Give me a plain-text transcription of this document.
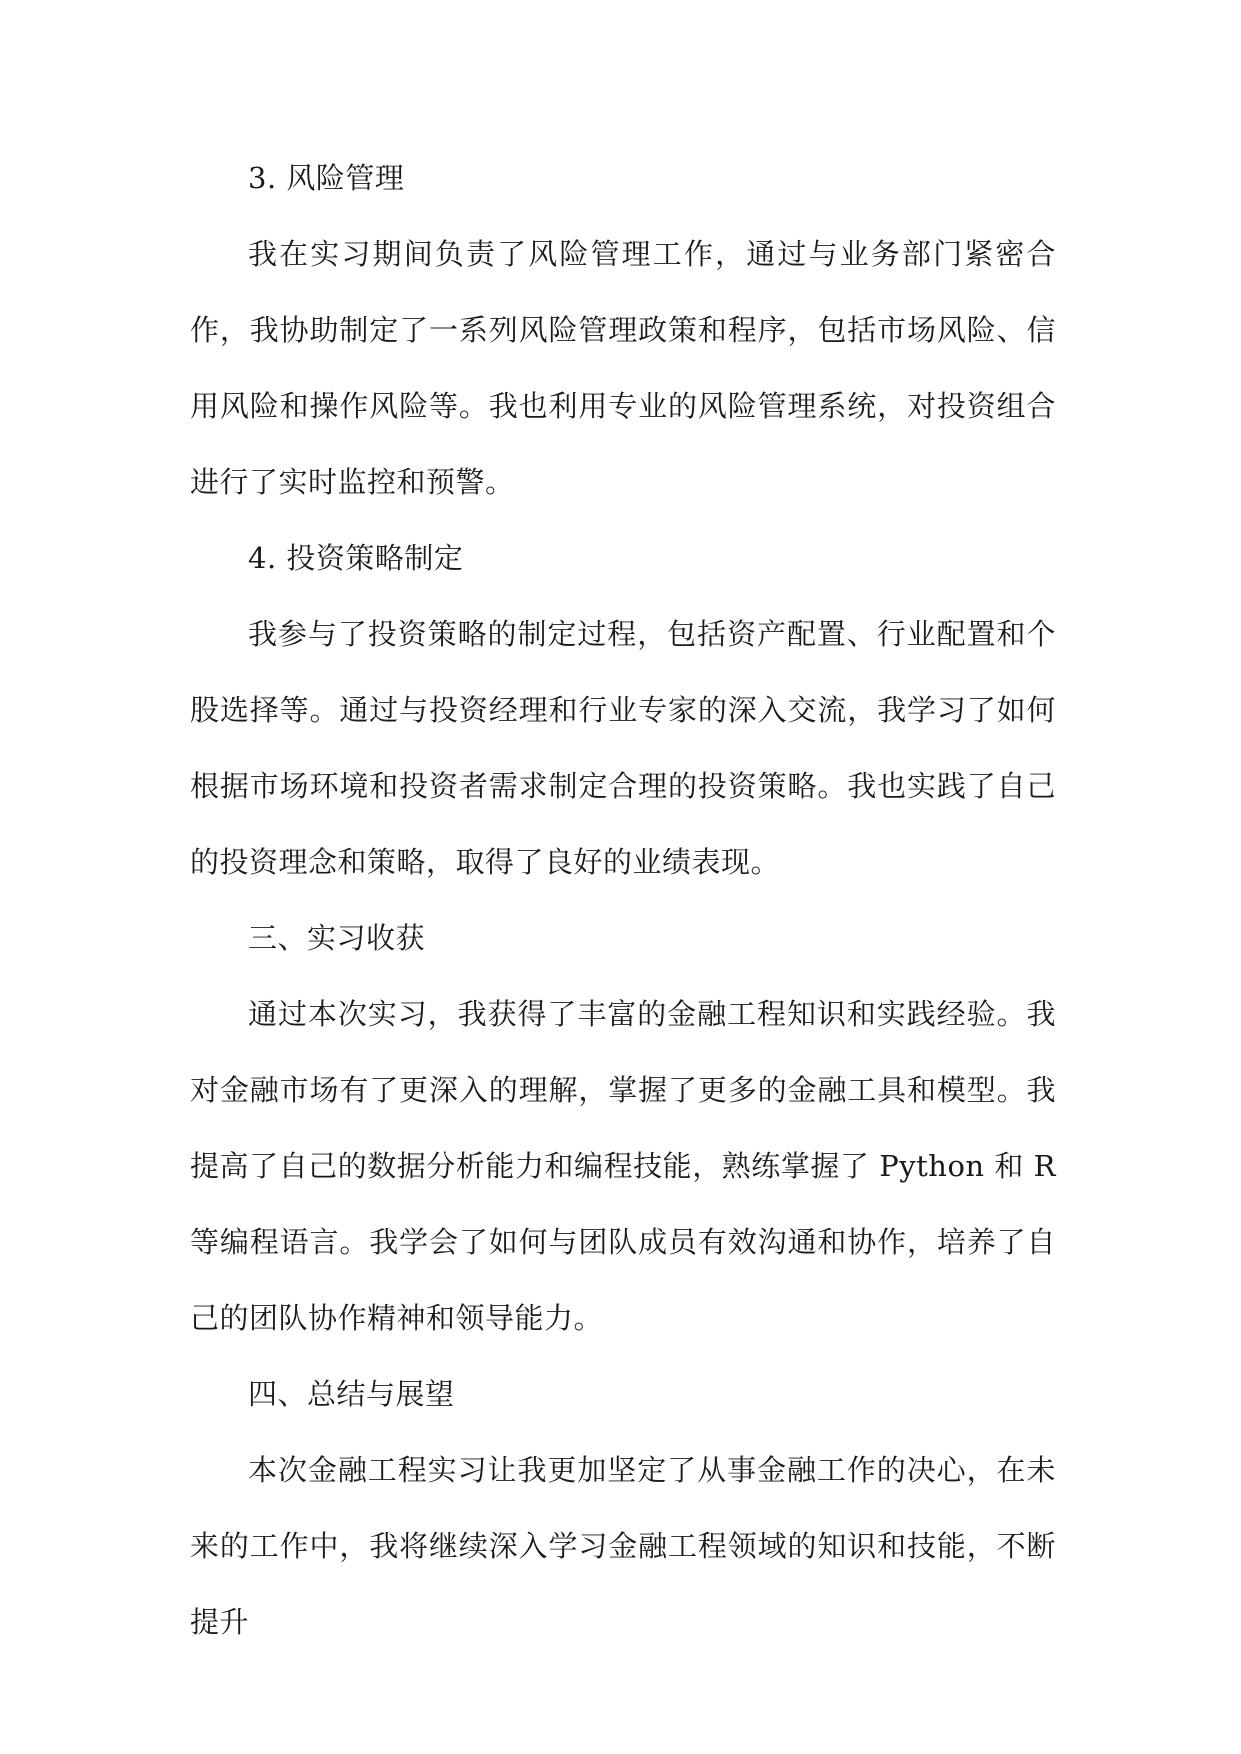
3. 风险管理

我在实习期间负责了风险管理工作，通过与业务部门紧密合作，我协助制定了一系列风险管理政策和程序，包括市场风险、信用风险和操作风险等。我也利用专业的风险管理系统，对投资组合进行了实时监控和预警。

4. 投资策略制定

我参与了投资策略的制定过程，包括资产配置、行业配置和个股选择等。通过与投资经理和行业专家的深入交流，我学习了如何根据市场环境和投资者需求制定合理的投资策略。我也实践了自己的投资理念和策略，取得了良好的业绩表现。

三、实习收获

通过本次实习，我获得了丰富的金融工程知识和实践经验。我对金融市场有了更深入的理解，掌握了更多的金融工具和模型。我提高了自己的数据分析能力和编程技能，熟练掌握了 Python 和 R 等编程语言。我学会了如何与团队成员有效沟通和协作，培养了自己的团队协作精神和领导能力。

四、总结与展望

本次金融工程实习让我更加坚定了从事金融工作的决心，在未来的工作中，我将继续深入学习金融工程领域的知识和技能，不断提升
